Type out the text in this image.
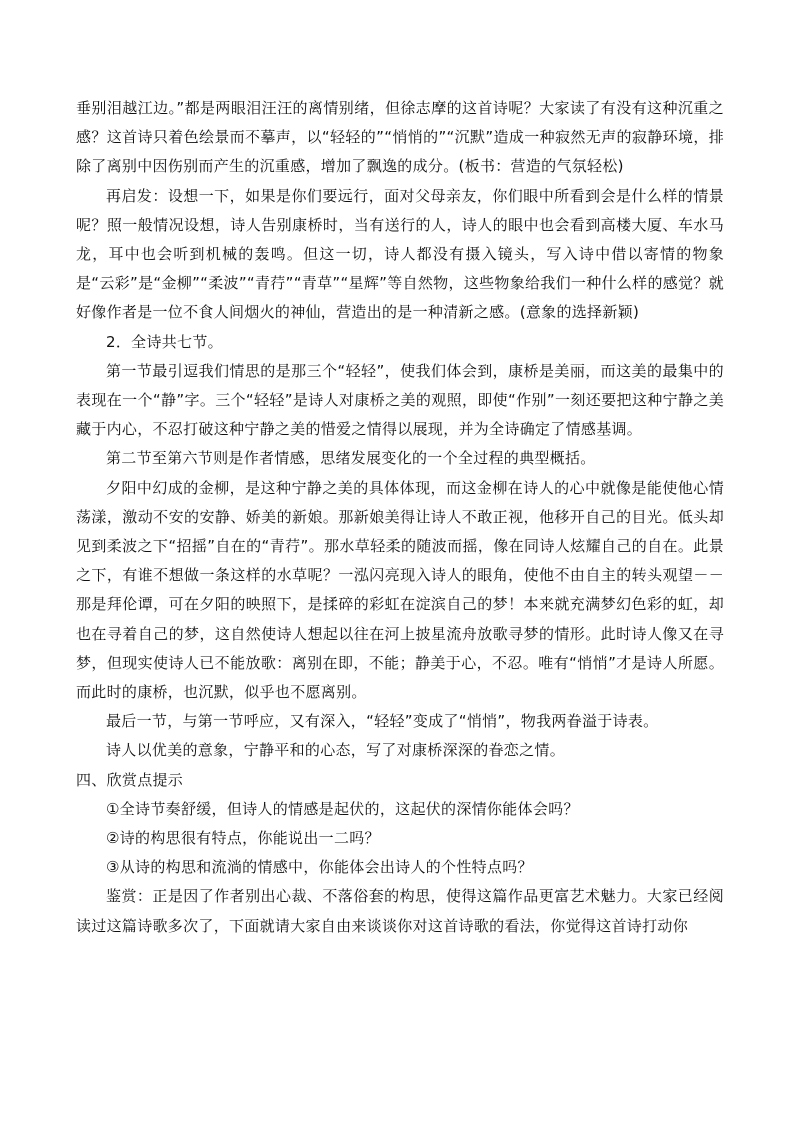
垂别泪越江边。”都是两眼泪汪汪的离情别绪，但徐志摩的这首诗呢？大家读了有没有这种沉重之感？这首诗只着色绘景而不摹声，以“轻轻的”“悄悄的”“沉默”造成一种寂然无声的寂静环境，排除了离别中因伤别而产生的沉重感，增加了飘逸的成分。(板书：营造的气氛轻松)

再启发：设想一下，如果是你们要远行，面对父母亲友，你们眼中所看到会是什么样的情景呢？照一般情况设想，诗人告别康桥时，当有送行的人，诗人的眼中也会看到高楼大厦、车水马龙，耳中也会听到机械的轰鸣。但这一切，诗人都没有摄入镜头，写入诗中借以寄情的物象是“云彩”是“金柳”“柔波”“青荇”“青草”“星辉”等自然物，这些物象给我们一种什么样的感觉？就好像作者是一位不食人间烟火的神仙，营造出的是一种清新之感。(意象的选择新颖)

2．全诗共七节。

第一节最引逗我们情思的是那三个“轻轻”，使我们体会到，康桥是美丽，而这美的最集中的表现在一个“静”字。三个“轻轻”是诗人对康桥之美的观照，即使“作别”一刻还要把这种宁静之美藏于内心，不忍打破这种宁静之美的惜爱之情得以展现，并为全诗确定了情感基调。

第二节至第六节则是作者情感，思绪发展变化的一个全过程的典型概括。

夕阳中幻成的金柳，是这种宁静之美的具体体现，而这金柳在诗人的心中就像是能使他心情荡漾，激动不安的安静、娇美的新娘。那新娘美得让诗人不敢正视，他移开自己的目光。低头却见到柔波之下“招摇”自在的“青荇”。那水草轻柔的随波而摇，像在同诗人炫耀自己的自在。此景之下，有谁不想做一条这样的水草呢？一泓闪亮现入诗人的眼角，使他不由自主的转头观望－－那是拜伦谭，可在夕阳的映照下，是揉碎的彩虹在淀滨自己的梦！本来就充满梦幻色彩的虹，却也在寻着自己的梦，这自然使诗人想起以往在河上披星流舟放歌寻梦的情形。此时诗人像又在寻梦，但现实使诗人已不能放歌：离别在即，不能；静美于心，不忍。唯有“悄悄”才是诗人所愿。而此时的康桥，也沉默，似乎也不愿离别。

最后一节，与第一节呼应，又有深入，“轻轻”变成了“悄悄”，物我两眷溢于诗表。

诗人以优美的意象，宁静平和的心态，写了对康桥深深的眷恋之情。

四、欣赏点提示

①全诗节奏舒缓，但诗人的情感是起伏的，这起伏的深情你能体会吗？

②诗的构思很有特点，你能说出一二吗？

③从诗的构思和流淌的情感中，你能体会出诗人的个性特点吗？

鉴赏：正是因了作者别出心裁、不落俗套的构思，使得这篇作品更富艺术魅力。大家已经阅读过这篇诗歌多次了，下面就请大家自由来谈谈你对这首诗歌的看法，你觉得这首诗打动你
